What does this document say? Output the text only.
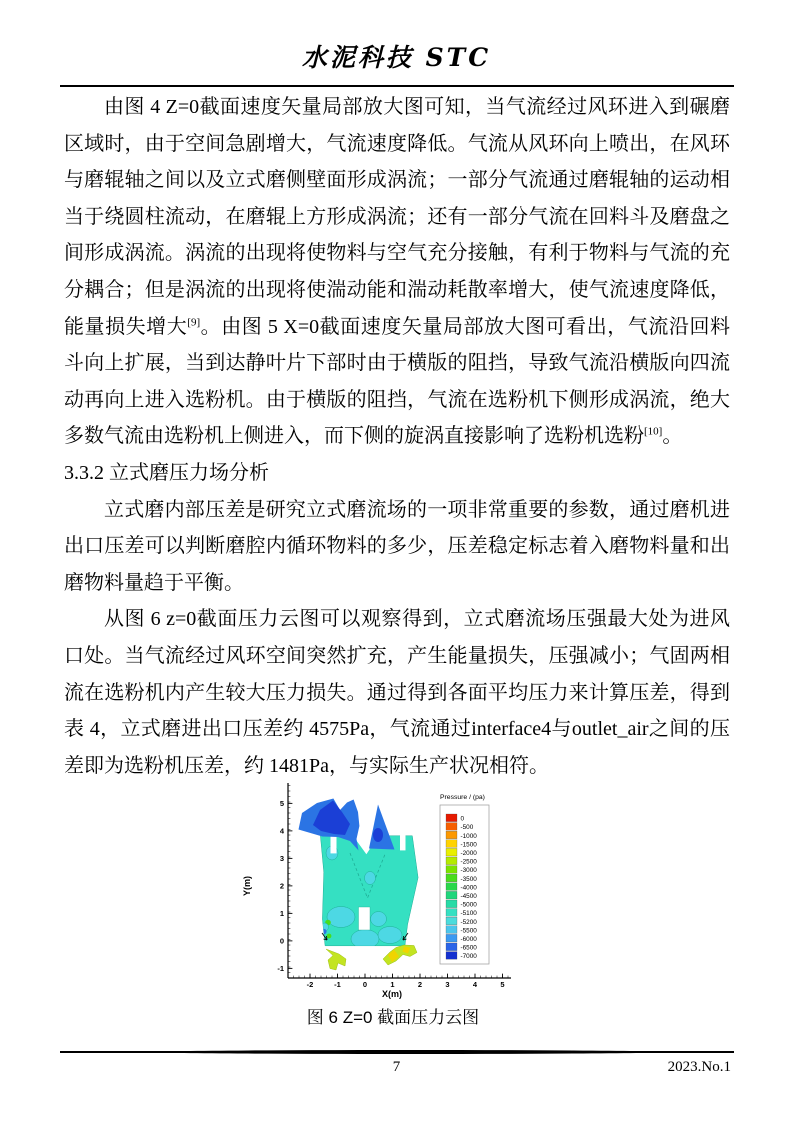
水泥科技 STC

由图 4 Z=0截面速度矢量局部放大图可知，当气流经过风环进入到碾磨区域时，由于空间急剧增大，气流速度降低。气流从风环向上喷出，在风环与磨辊轴之间以及立式磨侧壁面形成涡流；一部分气流通过磨辊轴的运动相当于绕圆柱流动，在磨辊上方形成涡流；还有一部分气流在回料斗及磨盘之间形成涡流。涡流的出现将使物料与空气充分接触，有利于物料与气流的充分耦合；但是涡流的出现将使湍动能和湍动耗散率增大，使气流速度降低，能量损失增大[9]。由图 5 X=0截面速度矢量局部放大图可看出，气流沿回料斗向上扩展，当到达静叶片下部时由于横版的阻挡，导致气流沿横版向四流动再向上进入选粉机。由于横版的阻挡，气流在选粉机下侧形成涡流，绝大多数气流由选粉机上侧进入，而下侧的旋涡直接影响了选粉机选粉[10]。

3.3.2 立式磨压力场分析

立式磨内部压差是研究立式磨流场的一项非常重要的参数，通过磨机进出口压差可以判断磨腔内循环物料的多少，压差稳定标志着入磨物料量和出磨物料量趋于平衡。

从图 6 z=0截面压力云图可以观察得到，立式磨流场压强最大处为进风口处。当气流经过风环空间突然扩充，产生能量损失，压强减小；气固两相流在选粉机内产生较大压力损失。通过得到各面平均压力来计算压差，得到表 4，立式磨进出口压差约 4575Pa，气流通过interface4与outlet_air之间的压差即为选粉机压差，约 1481Pa，与实际生产状况相符。

X(m)
Y(m)
-2	-1	0	1	2	3	4	5
-1
0
1
2
3
4
5
Pressure / (pa)
0
-500
-1000
-1500
-2000
-2500
-3000
-3500
-4000
-4500
-5000
-5100
-5200
-5500
-6000
-6500
-7000
图 6 Z=0 截面压力云图
7	2023.No.1
